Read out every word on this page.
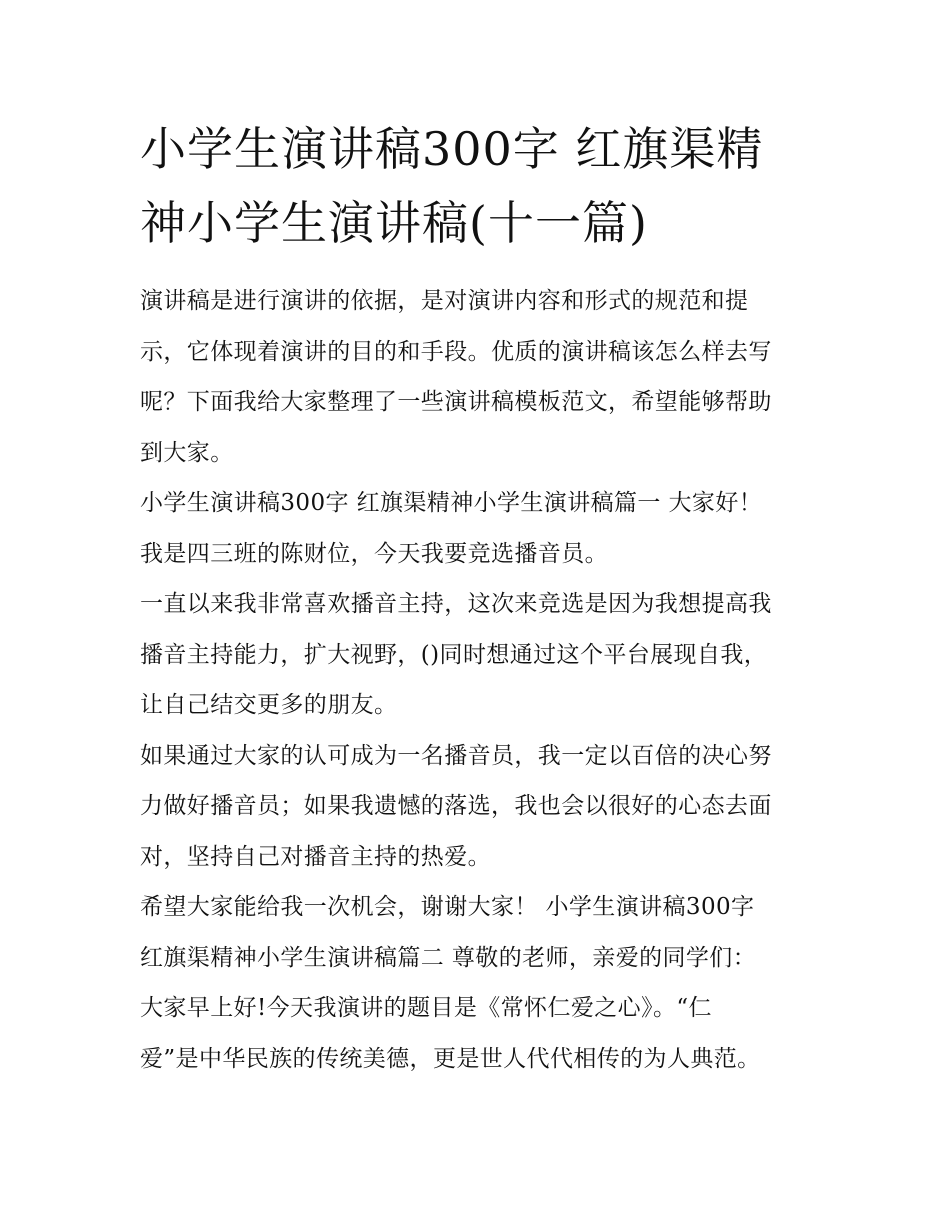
小学生演讲稿300字 红旗渠精
神小学生演讲稿(十一篇)

演讲稿是进行演讲的依据，是对演讲内容和形式的规范和提

示，它体现着演讲的目的和手段。优质的演讲稿该怎么样去写

呢？下面我给大家整理了一些演讲稿模板范文，希望能够帮助

到大家。

小学生演讲稿300字 红旗渠精神小学生演讲稿篇一 大家好！

我是四三班的陈财位，今天我要竞选播音员。

一直以来我非常喜欢播音主持，这次来竞选是因为我想提高我

播音主持能力，扩大视野，()同时想通过这个平台展现自我，

让自己结交更多的朋友。

如果通过大家的认可成为一名播音员，我一定以百倍的决心努

力做好播音员；如果我遗憾的落选，我也会以很好的心态去面

对，坚持自己对播音主持的热爱。

希望大家能给我一次机会，谢谢大家！ 小学生演讲稿300字

红旗渠精神小学生演讲稿篇二 尊敬的老师，亲爱的同学们：

大家早上好!今天我演讲的题目是《常怀仁爱之心》。“仁

爱”是中华民族的传统美德，更是世人代代相传的为人典范。
